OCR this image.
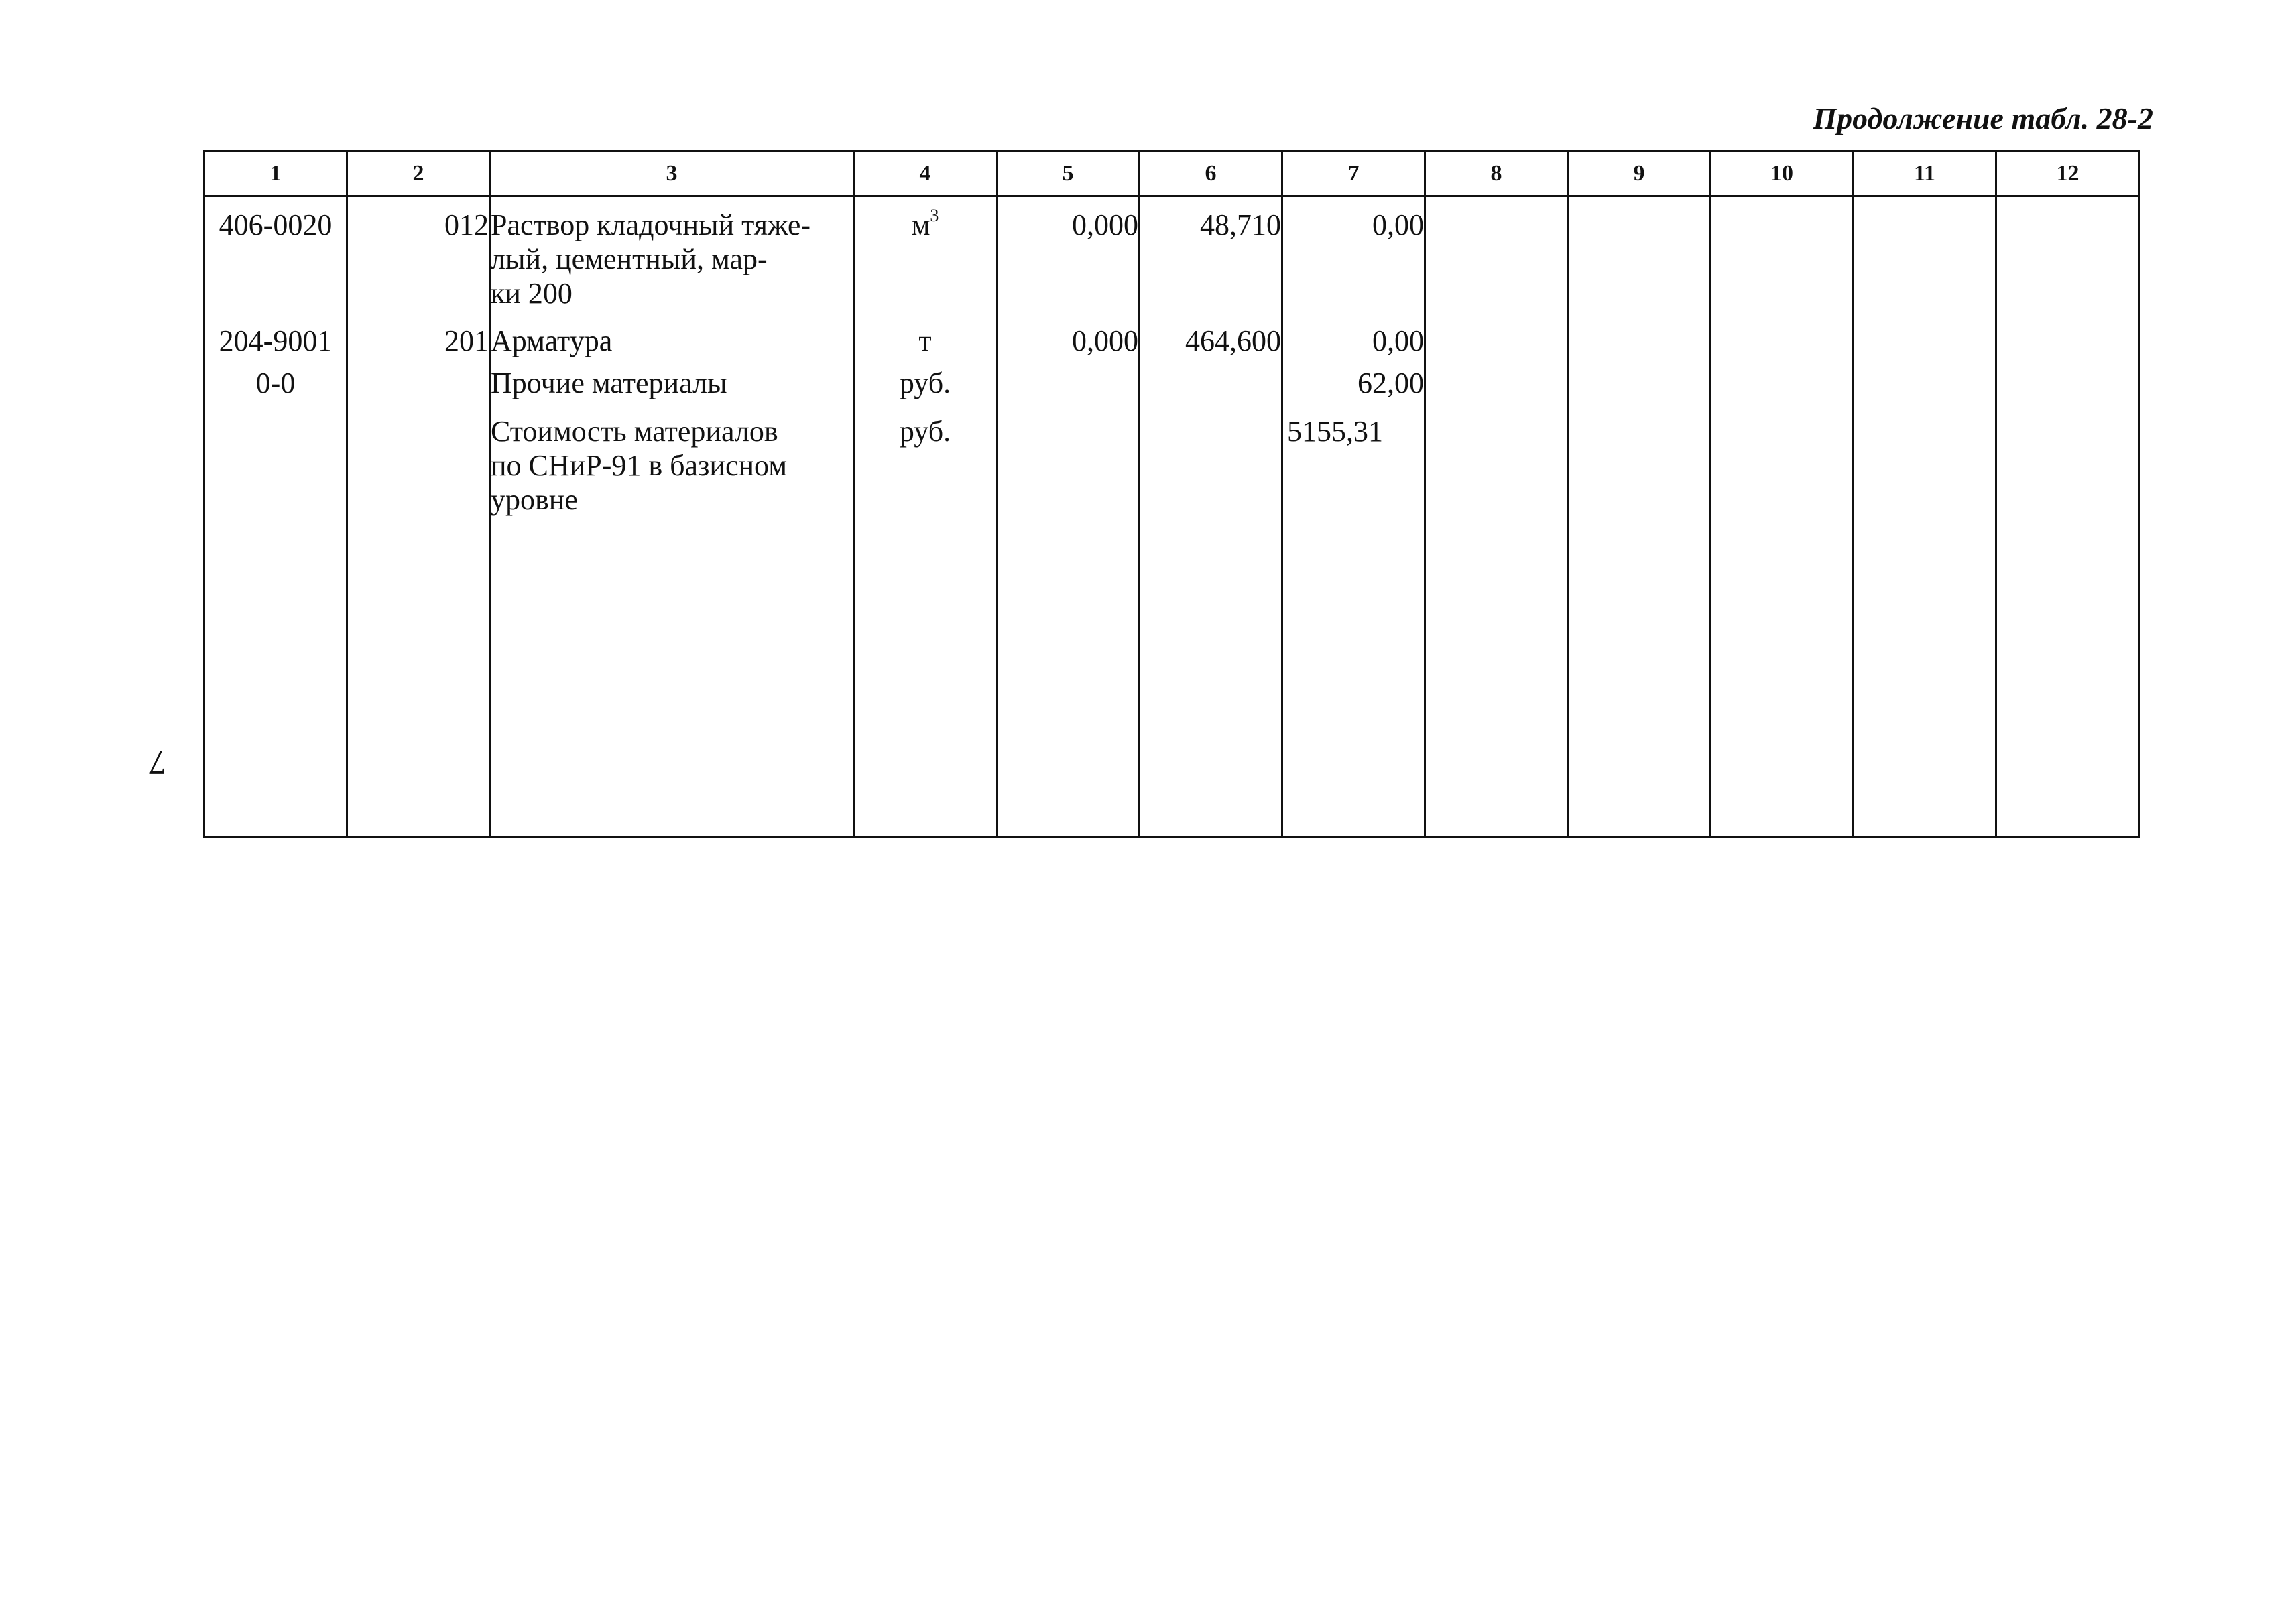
Продолжение табл. 28-2
7
1	2	3	4	5	6	7	8	9	10	11	12
406-0020	012	Раствор кладочный тяже-
лый, цементный, мар-
ки 200	$м^3$	0,000	48,710	0,00					
204-9001	201	Арматура	т	0,000	464,600	0,00					
0-0		Прочие материалы	руб.			62,00					

		Стоимость материалов
по СНиР-91 в базисном
уровне	руб.			5155,31					
